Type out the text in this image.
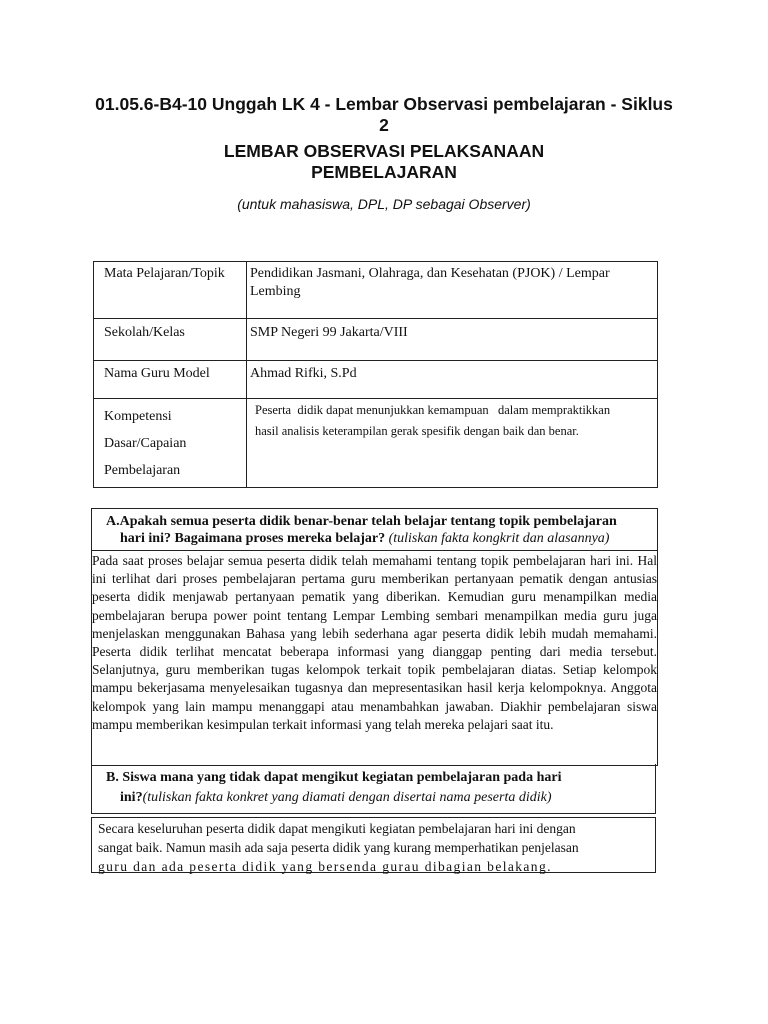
01.05.6-B4-10 Unggah LK 4 - Lembar Observasi pembelajaran - Siklus 2
LEMBAR OBSERVASI PELAKSANAAN
PEMBELAJARAN
(untuk mahasiswa, DPL, DP sebagai Observer)
Mata Pelajaran/Topik	Pendidikan Jasmani, Olahraga, dan Kesehatan (PJOK) / Lempar Lembing
Sekolah/Kelas	SMP Negeri 99 Jakarta/VIII
Nama Guru Model	Ahmad Rifki, S.Pd
Kompetensi
Dasar/Capaian
Pembelajaran	Peserta  didik dapat menunjukkan kemampuan   dalam mempraktikkan
hasil analisis keterampilan gerak spesifik dengan baik dan benar.
A.Apakah semua peserta didik benar-benar telah belajar tentang topik pembelajaran
hari ini? Bagaimana proses mereka belajar? (tuliskan fakta kongkrit dan alasannya)
Pada saat proses belajar semua peserta didik telah memahami tentang topik pembelajaran hari ini. Hal ini terlihat dari proses pembelajaran pertama guru memberikan pertanyaan pematik dengan antusias peserta didik menjawab pertanyaan pematik yang diberikan. Kemudian guru menampilkan media pembelajaran berupa power point tentang Lempar Lembing sembari menampilkan media guru juga menjelaskan menggunakan Bahasa yang lebih sederhana agar peserta didik lebih mudah memahami. Peserta didik terlihat mencatat beberapa informasi yang dianggap penting dari media tersebut. Selanjutnya, guru memberikan tugas kelompok terkait topik pembelajaran diatas. Setiap kelompok mampu bekerjasama menyelesaikan tugasnya dan mepresentasikan hasil kerja kelompoknya. Anggota kelompok yang lain mampu menanggapi atau menambahkan jawaban. Diakhir pembelajaran siswa mampu memberikan kesimpulan terkait informasi yang telah mereka pelajari saat itu.
B. Siswa mana yang tidak dapat mengikut kegiatan pembelajaran pada hari
ini?(tuliskan fakta konkret yang diamati dengan disertai nama peserta didik)
Secara keseluruhan peserta didik dapat mengikuti kegiatan pembelajaran hari ini dengan
sangat baik. Namun masih ada saja peserta didik yang kurang memperhatikan penjelasan
guru dan ada peserta didik yang bersenda gurau dibagian belakang.
